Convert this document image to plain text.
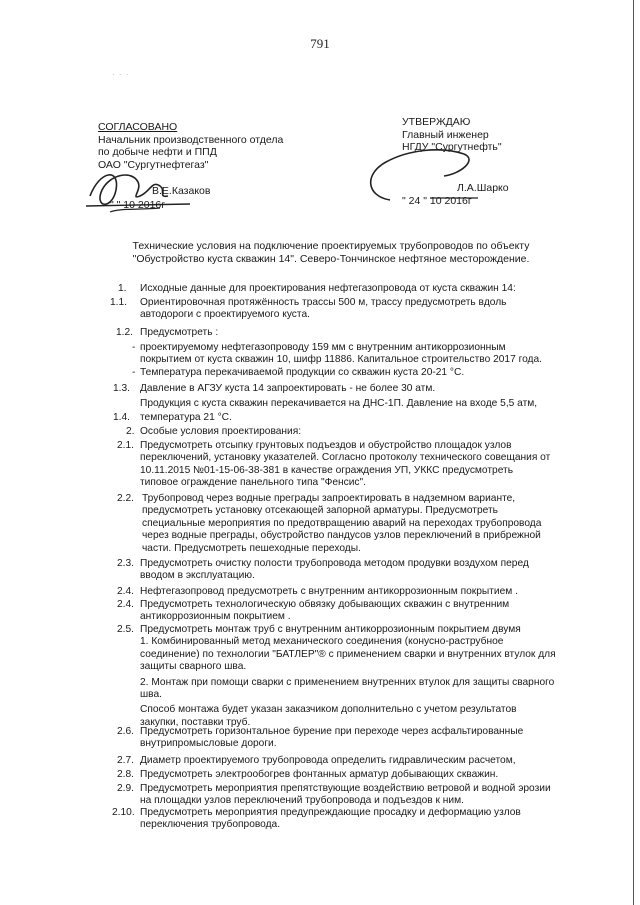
791
· · ·
СОГЛАСОВАНО
Начальник производственного отдела
по добыче нефти и ППД
ОАО "Сургутнефтегаз"
В.Е.Казаков
" " 10 2016г
УТВЕРЖДАЮ
Главный инженер
НГДУ "Сургутнефть"
Л.А.Шарко
" 24 " 10 2016г
Технические условия на подключение проектируемых трубопроводов по объекту
"Обустройство куста скважин 14". Северо-Тончинское нефтяное месторождение.
1. Исходные данные для проектирования нефтегазопровода от куста скважин 14:
1.1. Ориентировочная протяжённость трассы 500 м, трассу предусмотреть вдоль
автодороги с проектируемого куста.
1.2. Предусмотреть :
- проектируемому нефтегазопроводу 159 мм с внутренним антикоррозионным
покрытием от куста скважин 10, шифр 11886. Капитальное строительство 2017 года.
- Температура перекачиваемой продукции со скважин куста 20-21 °С.
1.3. Давление в АГЗУ куста 14 запроектировать - не более 30 атм.
Продукция с куста скважин перекачивается на ДНС-1П. Давление на входе 5,5 атм,
1.4. температура 21 °С.
2. Особые условия проектирования:
2.1. Предусмотреть отсыпку грунтовых подъездов и обустройство площадок узлов
переключений, установку указателей. Согласно протоколу технического совещания от
10.11.2015 №01-15-06-38-381 в качестве ограждения УП, УККС предусмотреть
типовое ограждение панельного типа "Фенсис".
2.2. Трубопровод через водные преграды запроектировать в надземном варианте,
предусмотреть установку отсекающей запорной арматуры. Предусмотреть
специальные мероприятия по предотвращению аварий на переходах трубопровода
через водные преграды, обустройство пандусов узлов переключений в прибрежной
части. Предусмотреть пешеходные переходы.
2.3. Предусмотреть очистку полости трубопровода методом продувки воздухом перед
вводом в эксплуатацию.
2.4. Нефтегазопровод предусмотреть с внутренним антикоррозионным покрытием .
2.4. Предусмотреть технологическую обвязку добывающих скважин с внутренним
антикоррозионным покрытием .
2.5. Предусмотреть монтаж труб с внутренним антикоррозионным покрытием двумя
1. Комбинированный метод механического соединения (конусно-раструбное
соединение) по технологии "БАТЛЕР"® с применением сварки и внутренних втулок для
защиты сварного шва.
2. Монтаж при помощи сварки с применением внутренних втулок для защиты сварного
шва.
Способ монтажа будет указан заказчиком дополнительно с учетом результатов
закупки, поставки труб.
2.6. Предусмотреть горизонтальное бурение при переходе через асфальтированные
внутрипромысловые дороги.
2.7. Диаметр проектируемого трубопровода определить гидравлическим расчетом,
2.8. Предусмотреть электрообогрев фонтанных арматур добывающих скважин.
2.9. Предусмотреть мероприятия препятствующие воздействию ветровой и водной эрозии
на площадки узлов переключений трубопровода и подъездов к ним.
2.10. Предусмотреть мероприятия предупреждающие просадку и деформацию узлов
переключения трубопровода.
